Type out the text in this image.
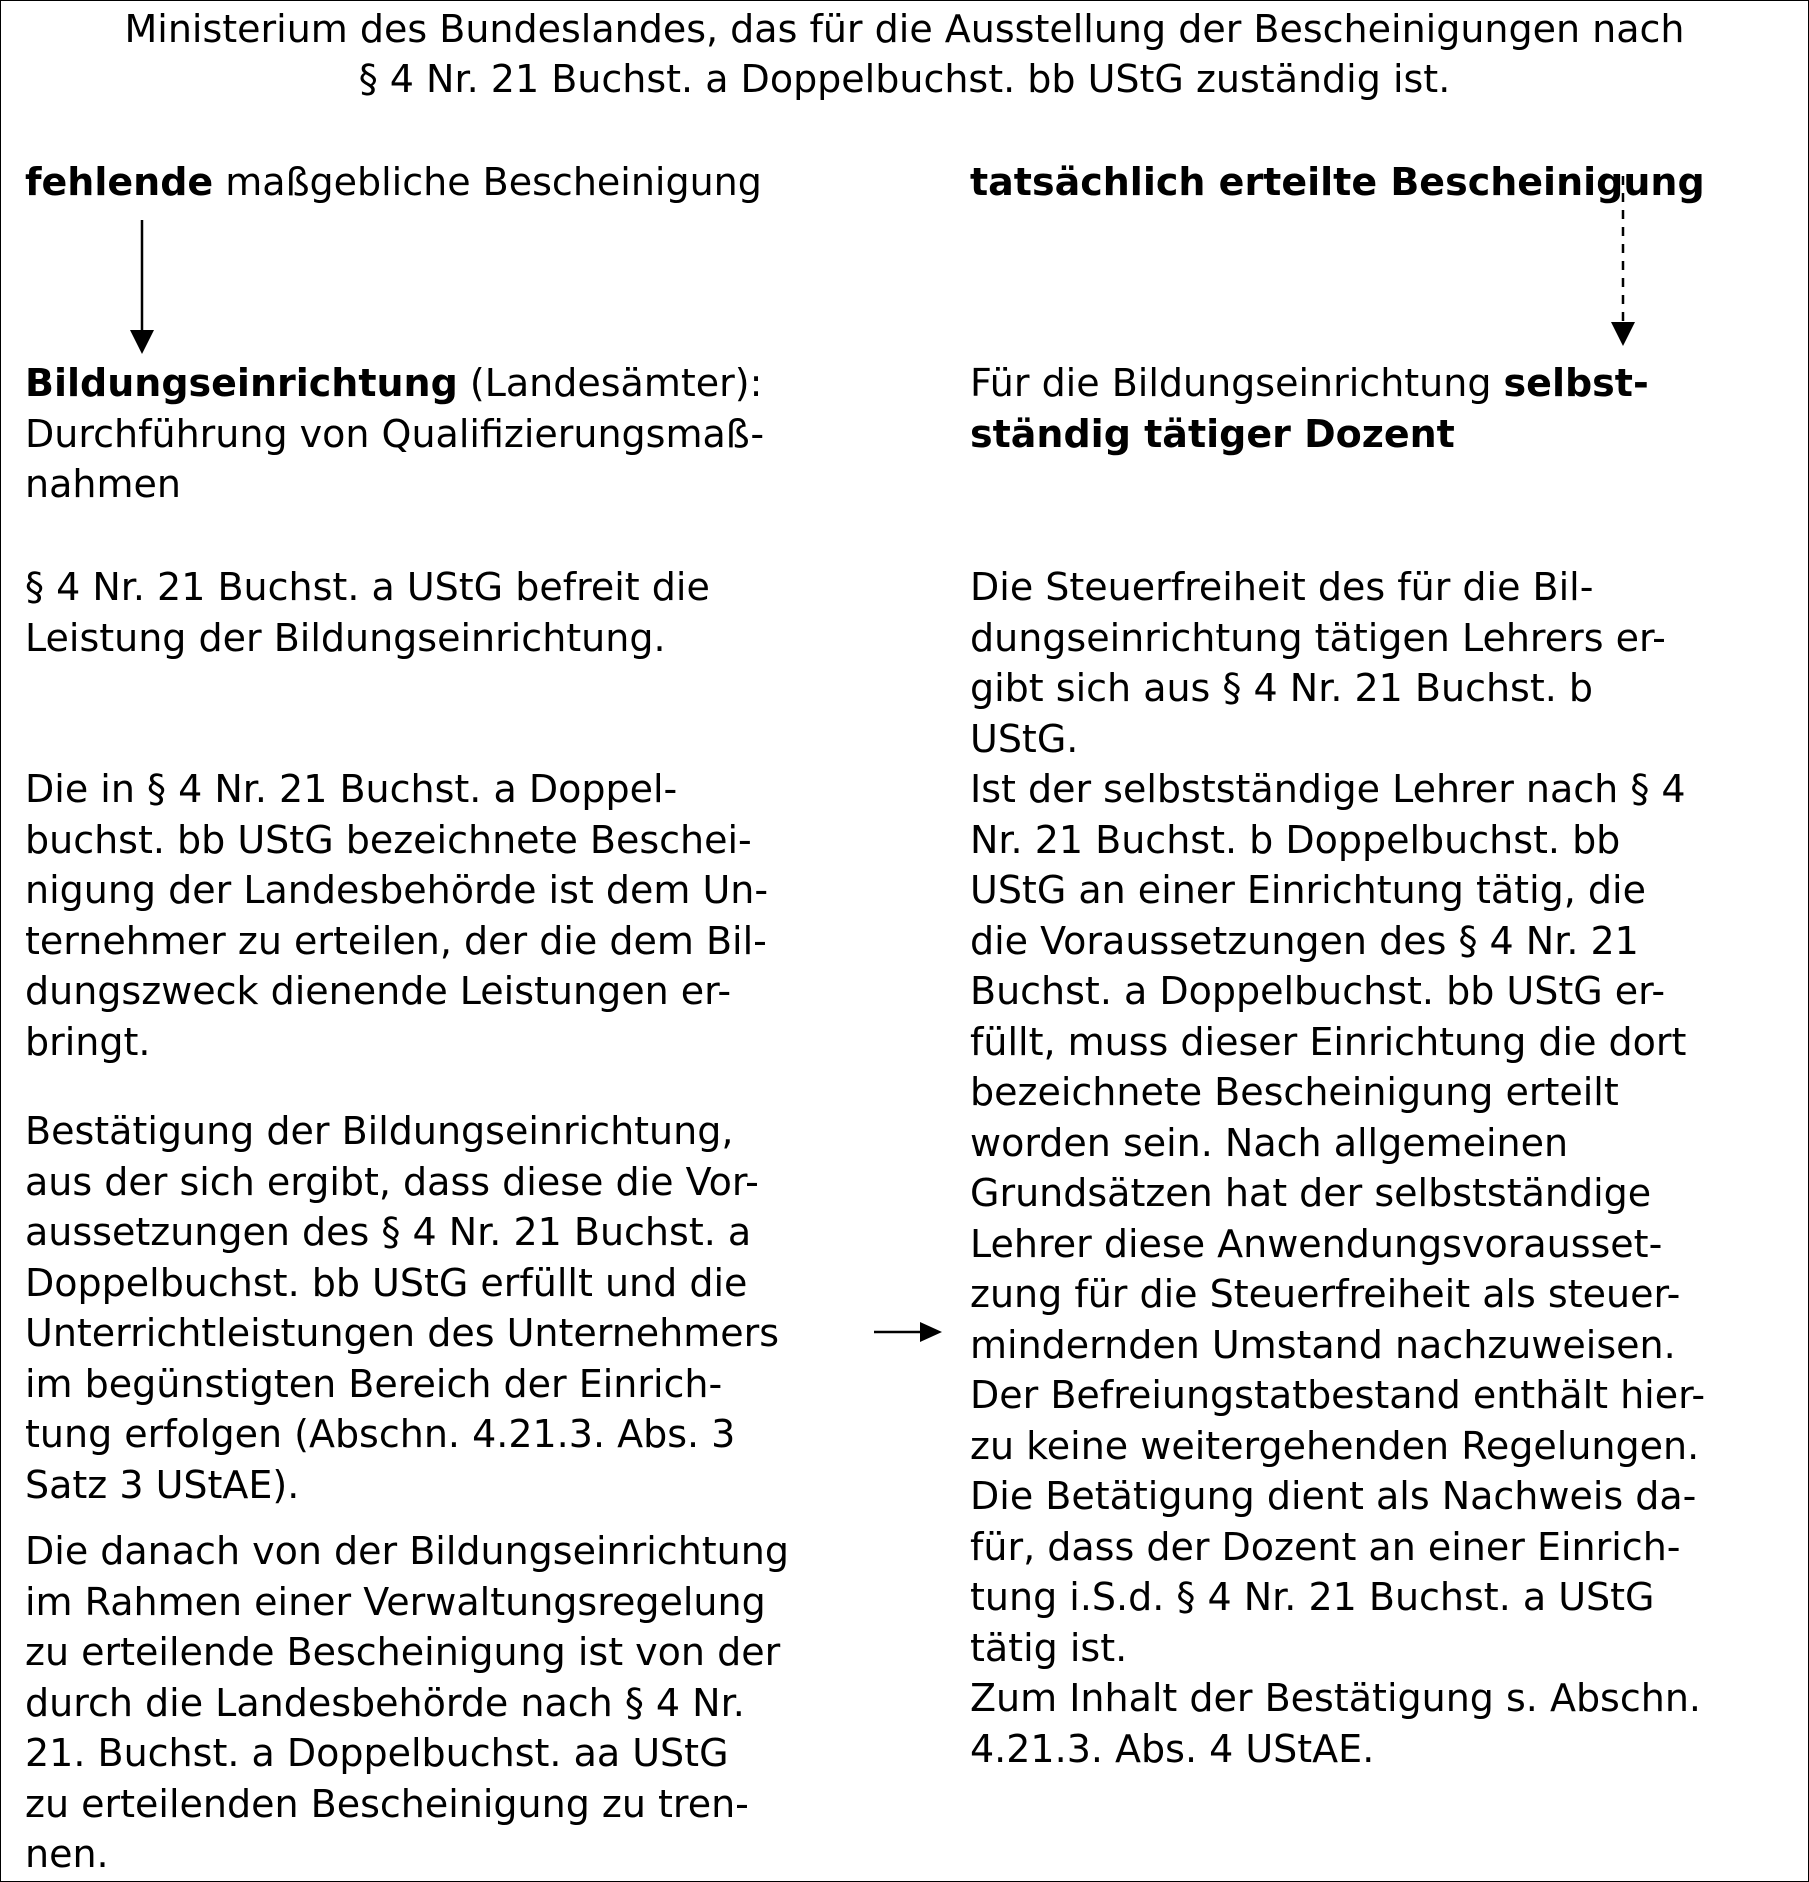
Ministerium des Bundeslandes, das für die Ausstellung der Bescheinigungen nach
§ 4 Nr. 21 Buchst. a Doppelbuchst. bb UStG zuständig ist.
fehlende maßgebliche Bescheinigung
Bildungseinrichtung (Landesämter):
Durchführung von Qualifizierungsmaß-
nahmen
§ 4 Nr. 21 Buchst. a UStG befreit die
Leistung der Bildungseinrichtung.
Die in § 4 Nr. 21 Buchst. a Doppel-
buchst. bb UStG bezeichnete Beschei-
nigung der Landesbehörde ist dem Un-
ternehmer zu erteilen, der die dem Bil-
dungszweck dienende Leistungen er-
bringt.
Bestätigung der Bildungseinrichtung,
aus der sich ergibt, dass diese die Vor-
aussetzungen des § 4 Nr. 21 Buchst. a
Doppelbuchst. bb UStG erfüllt und die
Unterrichtleistungen des Unternehmers
im begünstigten Bereich der Einrich-
tung erfolgen (Abschn. 4.21.3. Abs. 3
Satz 3 UStAE).
Die danach von der Bildungseinrichtung
im Rahmen einer Verwaltungsregelung
zu erteilende Bescheinigung ist von der
durch die Landesbehörde nach § 4 Nr.
21. Buchst. a Doppelbuchst. aa UStG
zu erteilenden Bescheinigung zu tren-
nen.
tatsächlich erteilte Bescheinigung
Für die Bildungseinrichtung selbst-
ständig tätiger Dozent
Die Steuerfreiheit des für die Bil-
dungseinrichtung tätigen Lehrers er-
gibt sich aus § 4 Nr. 21 Buchst. b
UStG.
Ist der selbstständige Lehrer nach § 4
Nr. 21 Buchst. b Doppelbuchst. bb
UStG an einer Einrichtung tätig, die
die Voraussetzungen des § 4 Nr. 21
Buchst. a Doppelbuchst. bb UStG er-
füllt, muss dieser Einrichtung die dort
bezeichnete Bescheinigung erteilt
worden sein. Nach allgemeinen
Grundsätzen hat der selbstständige
Lehrer diese Anwendungsvorausset-
zung für die Steuerfreiheit als steuer-
mindernden Umstand nachzuweisen.
Der Befreiungstatbestand enthält hier-
zu keine weitergehenden Regelungen.
Die Betätigung dient als Nachweis da-
für, dass der Dozent an einer Einrich-
tung i.S.d. § 4 Nr. 21 Buchst. a UStG
tätig ist.
Zum Inhalt der Bestätigung s. Abschn.
4.21.3. Abs. 4 UStAE.
